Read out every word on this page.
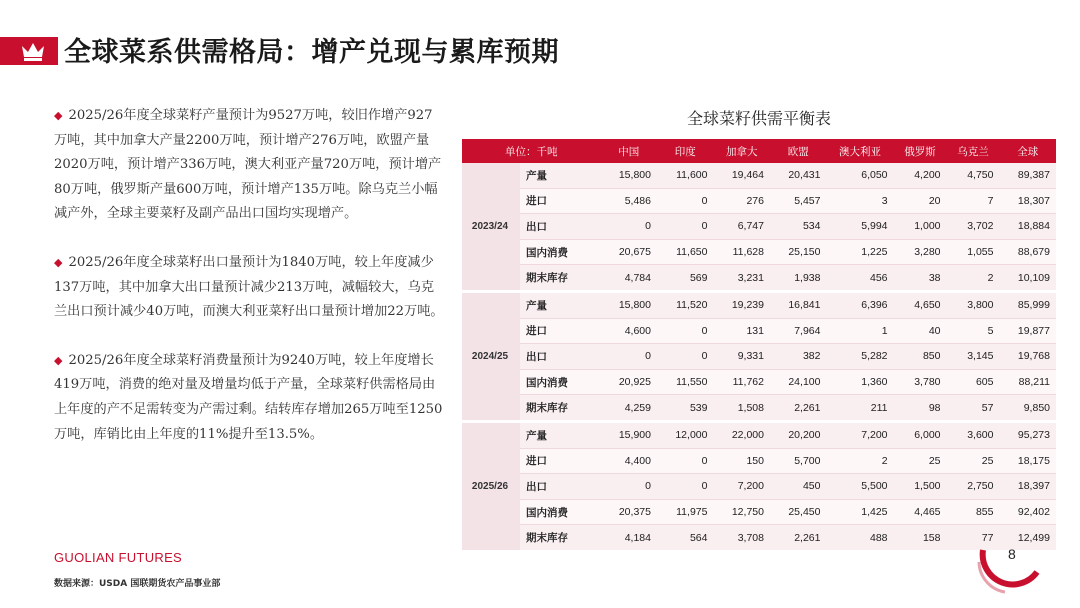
全球菜系供需格局：增产兑现与累库预期

◆ 2025/26年度全球菜籽产量预计为9527万吨，较旧作增产927万吨，其中加拿大产量2200万吨，预计增产276万吨，欧盟产量2020万吨，预计增产336万吨，澳大利亚产量720万吨，预计增产80万吨，俄罗斯产量600万吨，预计增产135万吨。除乌克兰小幅减产外，全球主要菜籽及副产品出口国均实现增产。

◆ 2025/26年度全球菜籽出口量预计为1840万吨，较上年度减少137万吨，其中加拿大出口量预计减少213万吨，减幅较大，乌克兰出口预计减少40万吨，而澳大利亚菜籽出口量预计增加22万吨。

◆ 2025/26年度全球菜籽消费量预计为9240万吨，较上年度增长419万吨，消费的绝对量及增量均低于产量，全球菜籽供需格局由上年度的产不足需转变为产需过剩。结转库存增加265万吨至1250万吨，库销比由上年度的11%提升至13.5%。

全球菜籽供需平衡表
单位：千吨		中国	印度	加拿大	欧盟	澳大利亚	俄罗斯	乌克兰	全球
2023/24	产量	15,800	11,600	19,464	20,431	6,050	4,200	4,750	89,387
	进口	5,486	0	276	5,457	3	20	7	18,307
	出口	0	0	6,747	534	5,994	1,000	3,702	18,884
	国内消费	20,675	11,650	11,628	25,150	1,225	3,280	1,055	88,679
	期末库存	4,784	569	3,231	1,938	456	38	2	10,109
2024/25	产量	15,800	11,520	19,239	16,841	6,396	4,650	3,800	85,999
	进口	4,600	0	131	7,964	1	40	5	19,877
	出口	0	0	9,331	382	5,282	850	3,145	19,768
	国内消费	20,925	11,550	11,762	24,100	1,360	3,780	605	88,211
	期末库存	4,259	539	1,508	2,261	211	98	57	9,850
2025/26	产量	15,900	12,000	22,000	20,200	7,200	6,000	3,600	95,273
	进口	4,400	0	150	5,700	2	25	25	18,175
	出口	0	0	7,200	450	5,500	1,500	2,750	18,397
	国内消费	20,375	11,975	12,750	25,450	1,425	4,465	855	92,402
	期末库存	4,184	564	3,708	2,261	488	158	77	12,499
GUOLIAN FUTURES
数据来源：USDA 国联期货农产品事业部
8
